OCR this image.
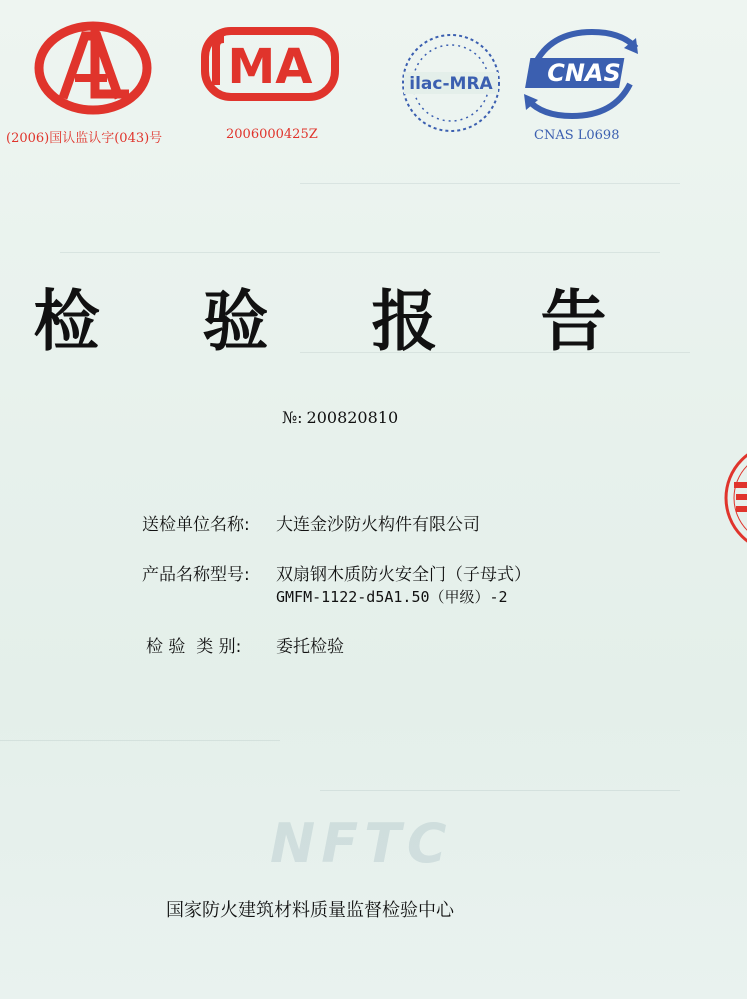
(2006)国认监认字(043)号
MA
2006000425Z
ilac-MRA CNAS
CNAS L0698
检 验 报 告
№: 200820810
送检单位名称: 大连金沙防火构件有限公司
产品名称型号: 双扇钢木质防火安全门（子母式）
GMFM-1122-d5A1.50（甲级）-2
检 验  类 别: 委托检验
NFTC
国家防火建筑材料质量监督检验中心
